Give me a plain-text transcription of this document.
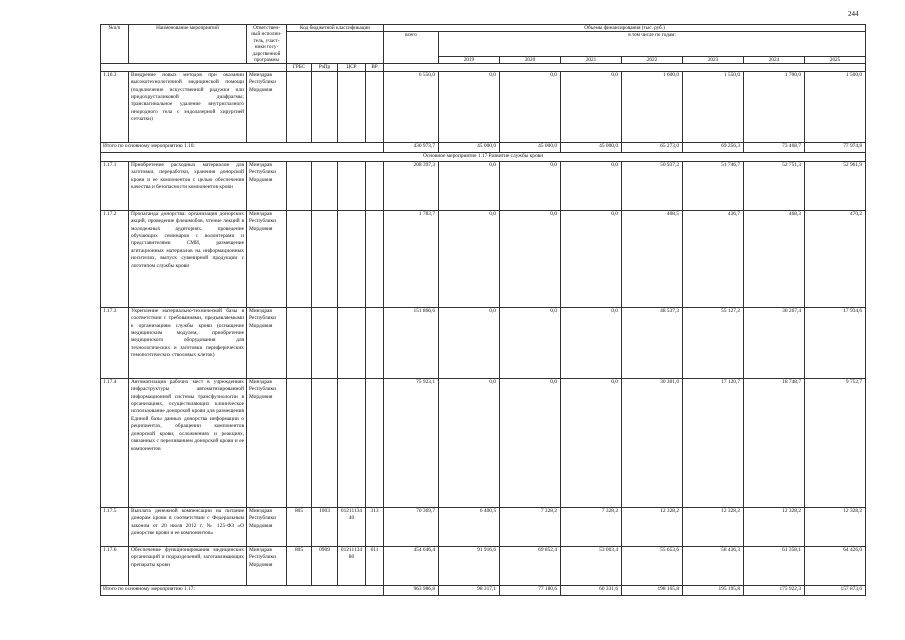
244
№п/п	Наименование мероприятий	Ответствен-ный исполни-тель, участ-ники госу-дарственной программы	Код бюджетной классификации				Объемы финансирования (тыс. руб.)							
							всего	в том числе по годам:						
								2019	2020	2021	2022	2023	2024	2025
			ГРБС	РзПр	ЦСР	ВР								
1.16.3	Внедрение новых методов при оказании высокотехнологичной медицинской помощи (подключение искусственной радужки или иридохрусталиковой диафрагмы; трансвагинальное удаление внутриглазного инородного тела с эндолазерной хирургией сетчатки)	Минздрав Республики Мордовия					6 550,0	0,0	0,0	0,0	1 600,0	1 550,0	1 700,0	1 500,0
Итого по основному мероприятию 1.16:							430 973,7	45 000,0	45 000,0	45 000,0	65 273,0	69 256,3	73 468,7	77 974,8
Основное мероприятие 1.17 Развитие службы крови														
1.17.1	Приобретение расходных материалов для заготовки, переработки, хранения донорской крови и ее компонентов с целью обеспечения качества и безопасности компонентов крови	Минздрав Республики Мордовия					208 397,3	0,0	0,0	0,0	50 937,2	51 746,7	52 751,3	52 961,9
1.17.2	Пропаганда донорства: организация донорских акций, проведение флешмобов, чтение лекций в молодежных аудиториях, проведение обучающих семинаров с волонтерами и представителями СМИ, размещение агитационных материалов на информационных носителях, выпуск сувенирной продукции с логотипом службы крови	Минздрав Республики Мордовия					1 783,7	0,0	0,0	0,0	408,5	436,7	468,3	470,2
1.17.3	Укрепление материально-технической базы в соответствии с требованиями, предъявляемыми к организациям службы крови (оснащение медицинским модулем, приобретение медицинского оборудования для технологических и заготовки периферических гемопоэтических стволовых клеток)	Минздрав Республики Мордовия					151 866,6	0,0	0,0	0,0	48 537,3	55 127,2	30 267,4	17 934,6
1.17.4	Автоматизация рабочих мест в учреждениях инфраструктуры автоматизированной информационной системы трансфузиологии в организациях, осуществляющих клиническое использование донорской крови для размещения Единой базы данных донорства информации о реципиентах, обращении компонентов донорской крови, осложнениях и реакциях, связанных с переливанием донорской крови и ее компонентов	Минздрав Республики Мордовия					75 923,1	0,0	0,0	0,0	30 301,0	17 120,7	18 748,7	9 752,7
1.17.5	Выплата денежной компенсации на питание донорам крови в соответствии с Федеральным законом от 20 июля 2012 г. № 125-ФЗ «О донорстве крови и ее компонентов»	Минздрав Республики Мордовия	805	1003	01211134 40	313	70 369,7	6 400,5	7 328,2	7 328,2	12 328,2	12 328,2	12 328,2	12 328,2
1.17.6	Обеспечение функционирования медицинских организаций и подразделений, заготавливающих препараты крови	Минздрав Республики Мордовия	805	0909	01211134 80	611	454 646,4	91 916,6	69 852,4	53 003,4	55 653,6	58 436,3	61 358,1	64 426,0
Итого по основному мероприятию 1.17:							963 986,8	98 317,1	77 180,6	60 331,6	198 165,8	195 195,8	175 922,3	157 873,6
